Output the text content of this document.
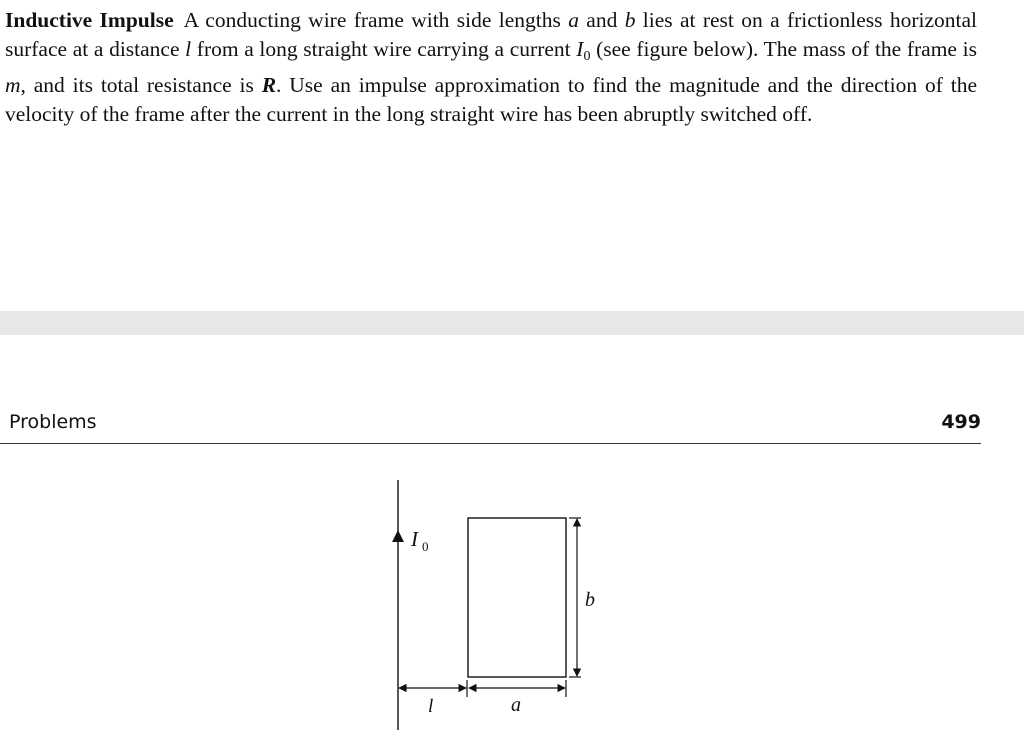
Inductive Impulse A conducting wire frame with side lengths a and b lies at rest on a frictionless horizontal surface at a distance l from a long straight wire carrying a current $I_0$ (see figure below). The mass of the frame is m, and its total resistance is R. Use an impulse approximation to find the magnitude and the direction of the velocity of the frame after the current in the long straight wire has been abruptly switched off.

Problems	499
I 0
b
l	a
